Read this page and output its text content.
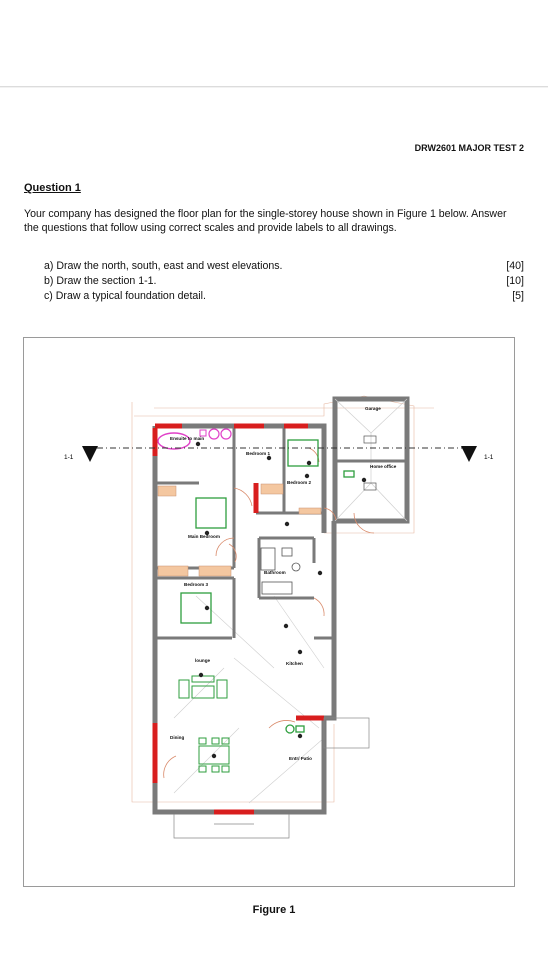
DRW2601 MAJOR TEST 2
Question 1
Your company has designed the floor plan for the single-storey house shown in Figure 1 below. Answer the questions that follow using correct scales and provide labels to all drawings.
a) Draw the north, south, east and west elevations.	[40]
b) Draw the section 1-1.	[10]
c) Draw a typical foundation detail.	[5]
1-1	1-1
Garage
Home office
Bedroom 1
Bedroom 2
Bedroom 3
Main Bedroom
Ensuite to main
Bathroom
Kitchen
lounge
Dining
Entr/ Patio
Figure 1
